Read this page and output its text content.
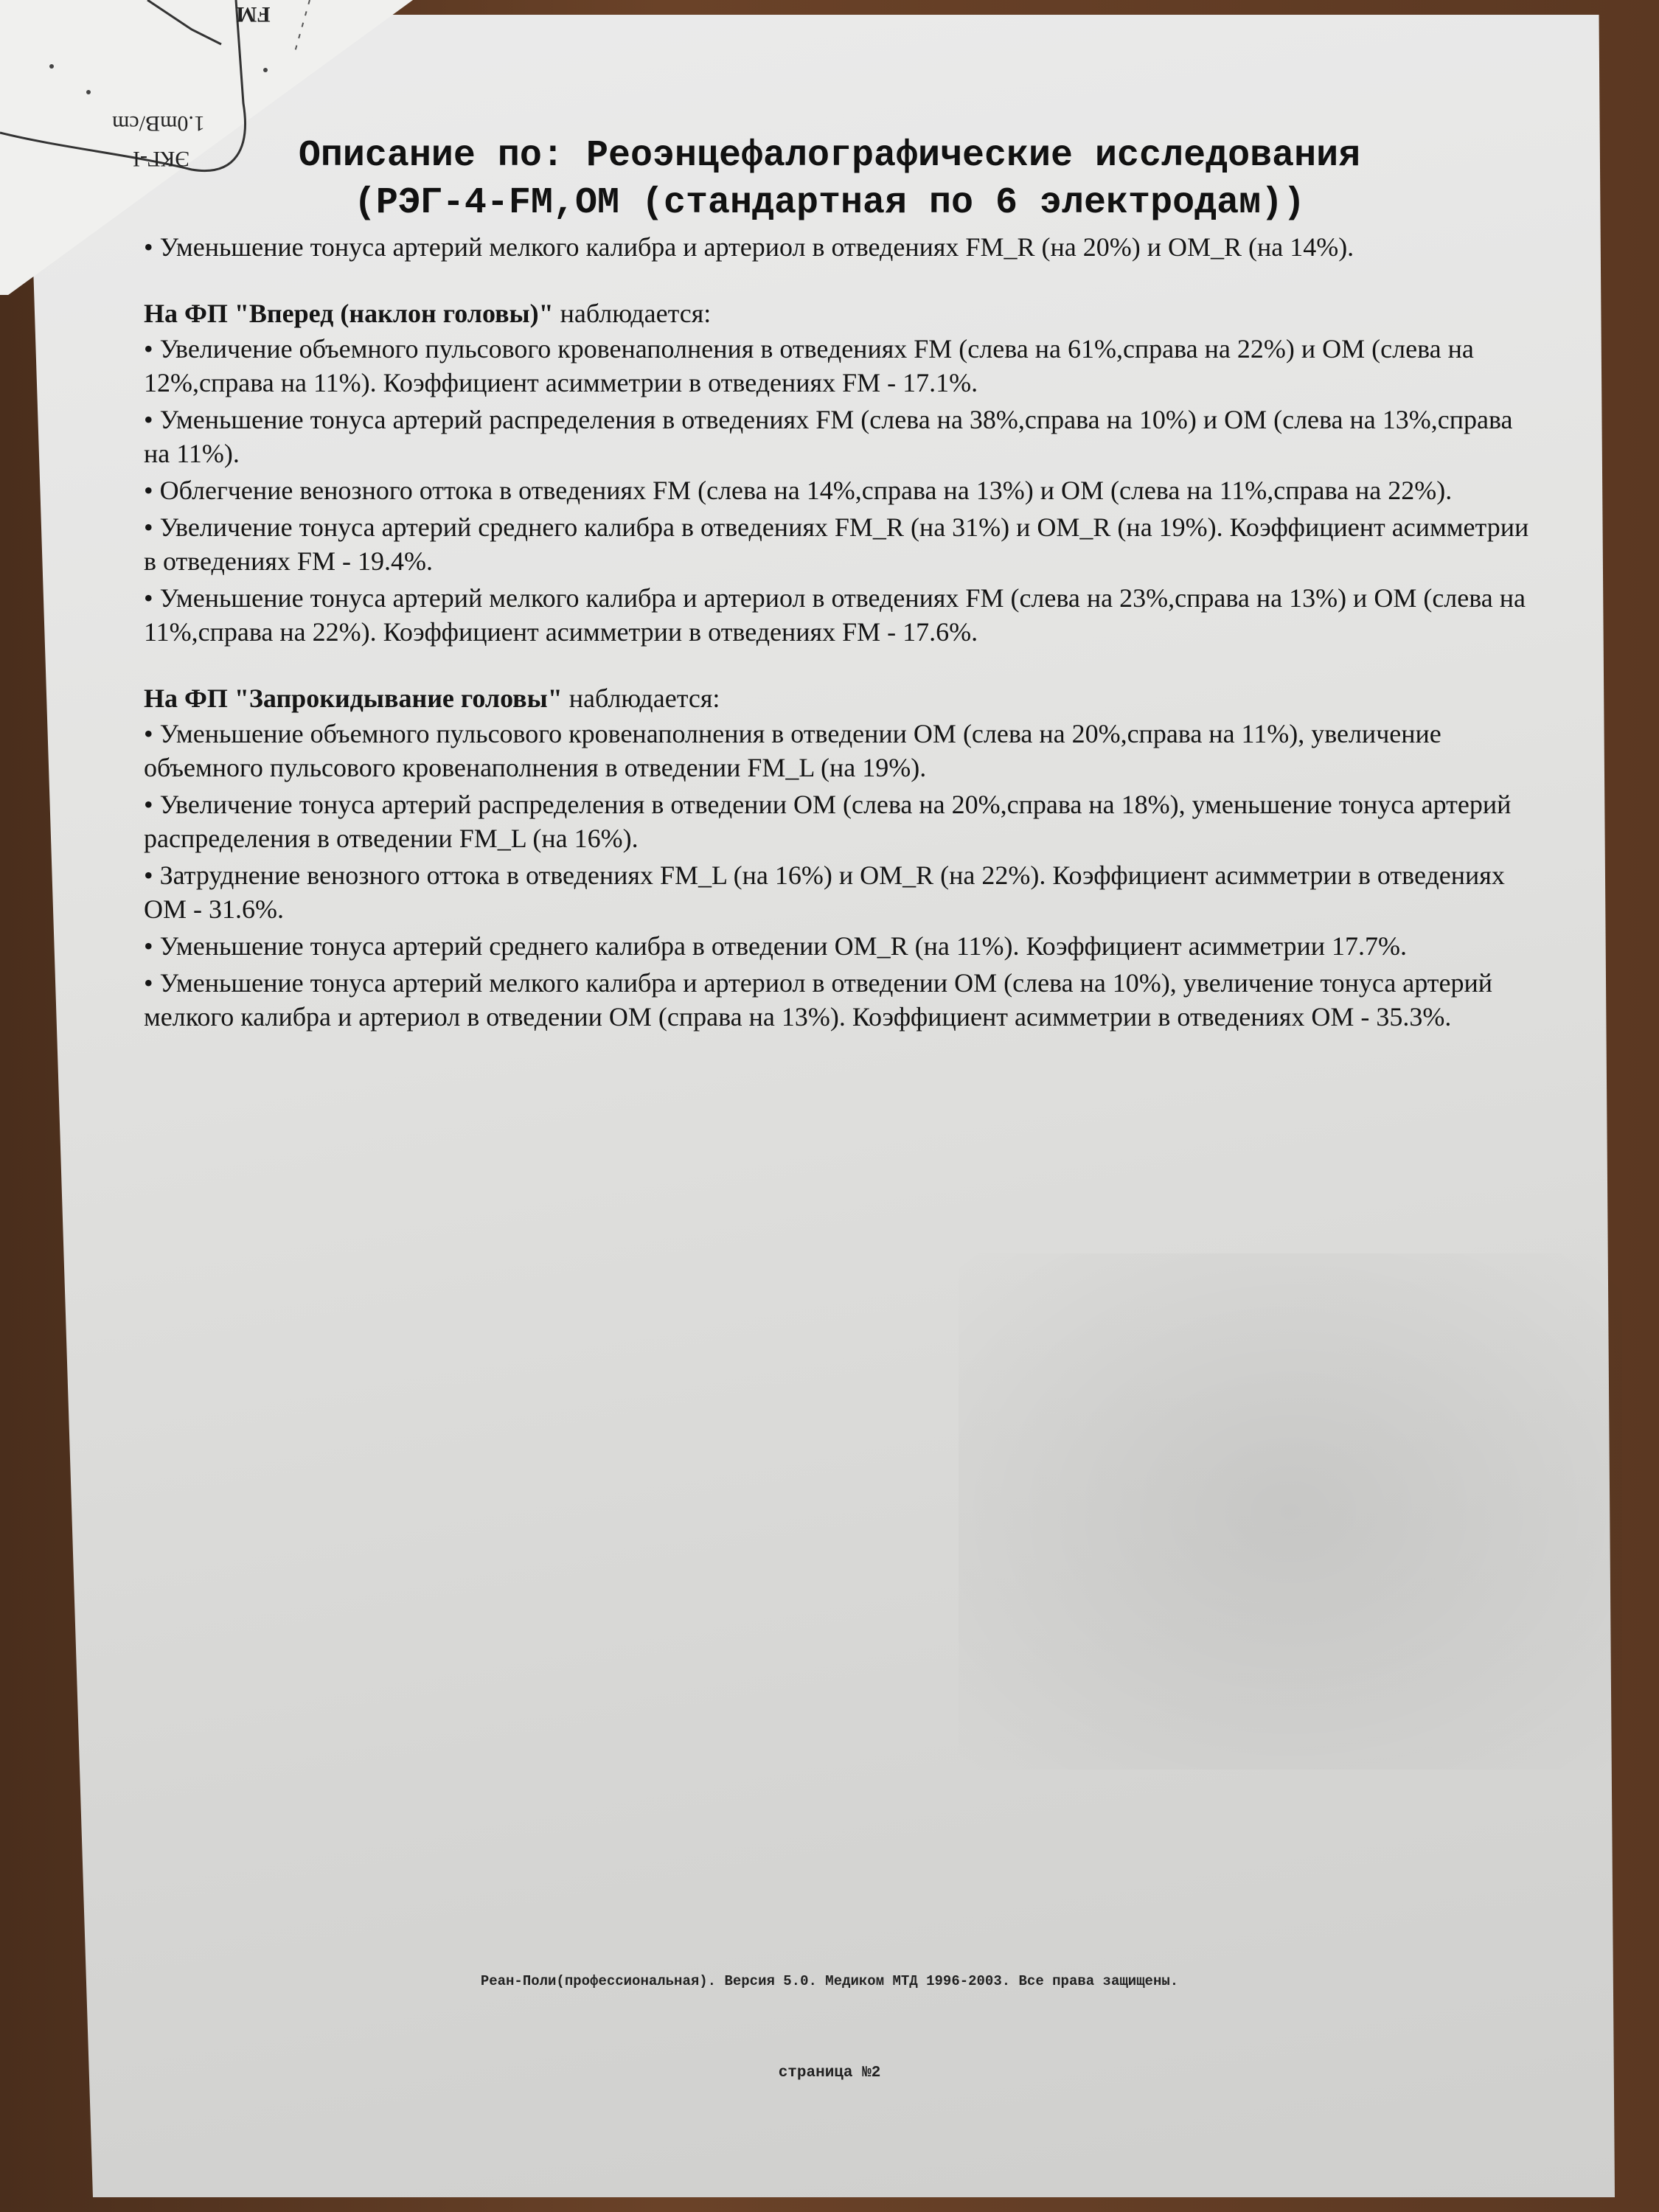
1.0mB/cm
ЭКГ-I
FM
Описание по: Реоэнцефалографические исследования
(РЭГ-4-FM,OM (стандартная по 6 электродам))
• Уменьшение тонуса артерий мелкого калибра и артериол в отведениях FM_R (на 20%) и OM_R (на 14%).
На ФП "Вперед (наклон головы)" наблюдается:
• Увеличение объемного пульсового кровенаполнения в отведениях FM (слева на 61%,справа на 22%) и OM (слева на 12%,справа на 11%). Коэффициент асимметрии в отведениях FM - 17.1%.
• Уменьшение тонуса артерий распределения в отведениях FM (слева на 38%,справа на 10%) и OM (слева на 13%,справа на 11%).
• Облегчение венозного оттока в отведениях FM (слева на 14%,справа на 13%) и OM (слева на 11%,справа на 22%).
• Увеличение тонуса артерий среднего калибра в отведениях FM_R (на 31%) и OM_R (на 19%). Коэффициент асимметрии в отведениях FM - 19.4%.
• Уменьшение тонуса артерий мелкого калибра и артериол в отведениях FM (слева на 23%,справа на 13%) и OM (слева на 11%,справа на 22%). Коэффициент асимметрии в отведениях FM - 17.6%.
На ФП "Запрокидывание головы" наблюдается:
• Уменьшение объемного пульсового кровенаполнения в отведении OM (слева на 20%,справа на 11%), увеличение объемного пульсового кровенаполнения в отведении FM_L (на 19%).
• Увеличение тонуса артерий распределения в отведении OM (слева на 20%,справа на 18%), уменьшение тонуса артерий распределения в отведении FM_L (на 16%).
• Затруднение венозного оттока в отведениях FM_L (на 16%) и OM_R (на 22%). Коэффициент асимметрии в отведениях OM - 31.6%.
• Уменьшение тонуса артерий среднего калибра в отведении OM_R (на 11%). Коэффициент асимметрии 17.7%.
• Уменьшение тонуса артерий мелкого калибра и артериол в отведении OM (слева на 10%), увеличение тонуса артерий мелкого калибра и артериол в отведении OM (справа на 13%). Коэффициент асимметрии в отведениях OM - 35.3%.
Реан-Поли(профессиональная). Версия 5.0. Медиком МТД 1996-2003. Все права защищены.
страница №2
